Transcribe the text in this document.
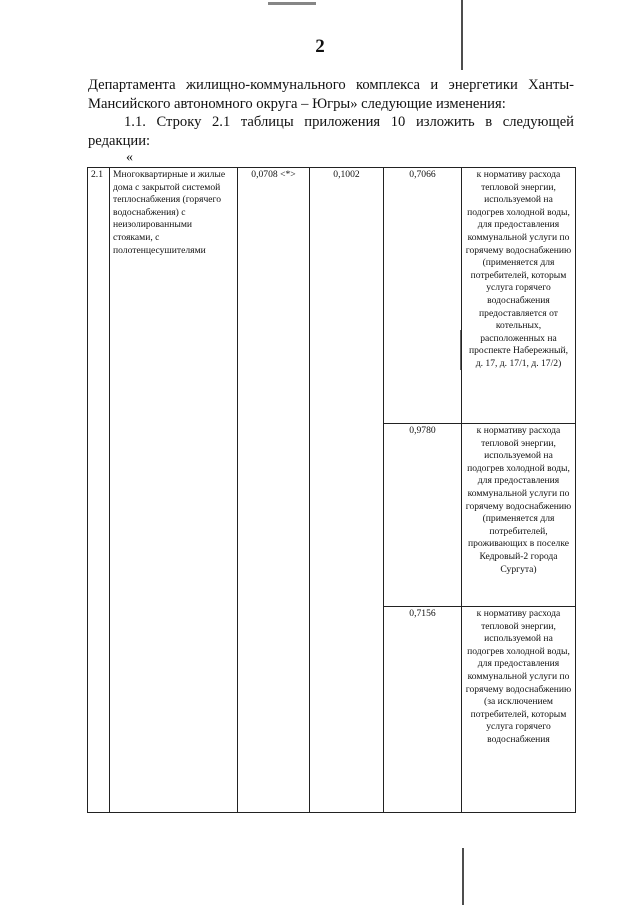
2

Департамента жилищно-коммунального комплекса и энергетики Ханты-Мансийского автономного округа – Югры» следующие изменения:

1.1. Строку 2.1 таблицы приложения 10 изложить в следующей редакции:

«
2.1	Многоквартирные и жилые дома с закрытой системой теплоснабжения (горячего водоснабжения) с неизолированными стояками, с полотенцесушителями	0,0708 <*>	0,1002	0,7066	к нормативу расхода тепловой энергии, используемой на подогрев холодной воды, для предоставления коммунальной услуги по горячему водоснабжению (применяется для потребителей, которым услуга горячего водоснабжения предоставляется от котельных, расположенных на проспекте Набережный, д. 17, д. 17/1, д. 17/2)
				0,9780	к нормативу расхода тепловой энергии, используемой на подогрев холодной воды, для предоставления коммунальной услуги по горячему водоснабжению (применяется для потребителей, проживающих в поселке Кедровый-2 города Сургута)
				0,7156	к нормативу расхода тепловой энергии, используемой на подогрев холодной воды, для предоставления коммунальной услуги по горячему водоснабжению (за исключением потребителей, которым услуга горячего водоснабжения
